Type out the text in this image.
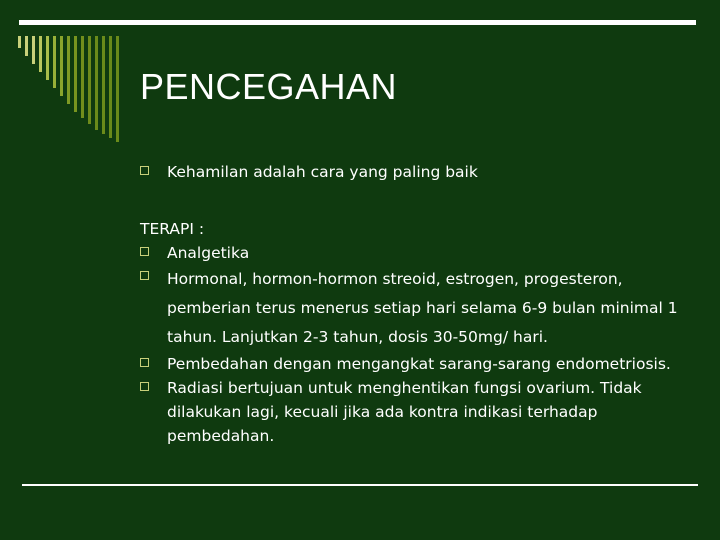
PENCEGAHAN
Kehamilan adalah cara yang paling baik
TERAPI :
Analgetika
Hormonal, hormon-hormon streoid, estrogen, progesteron, pemberian terus menerus setiap hari selama 6-9 bulan minimal 1 tahun. Lanjutkan 2-3 tahun, dosis 30-50mg/ hari.
Pembedahan dengan mengangkat sarang-sarang endometriosis.
Radiasi bertujuan untuk menghentikan fungsi ovarium. Tidak dilakukan lagi, kecuali jika ada kontra indikasi terhadap pembedahan.
